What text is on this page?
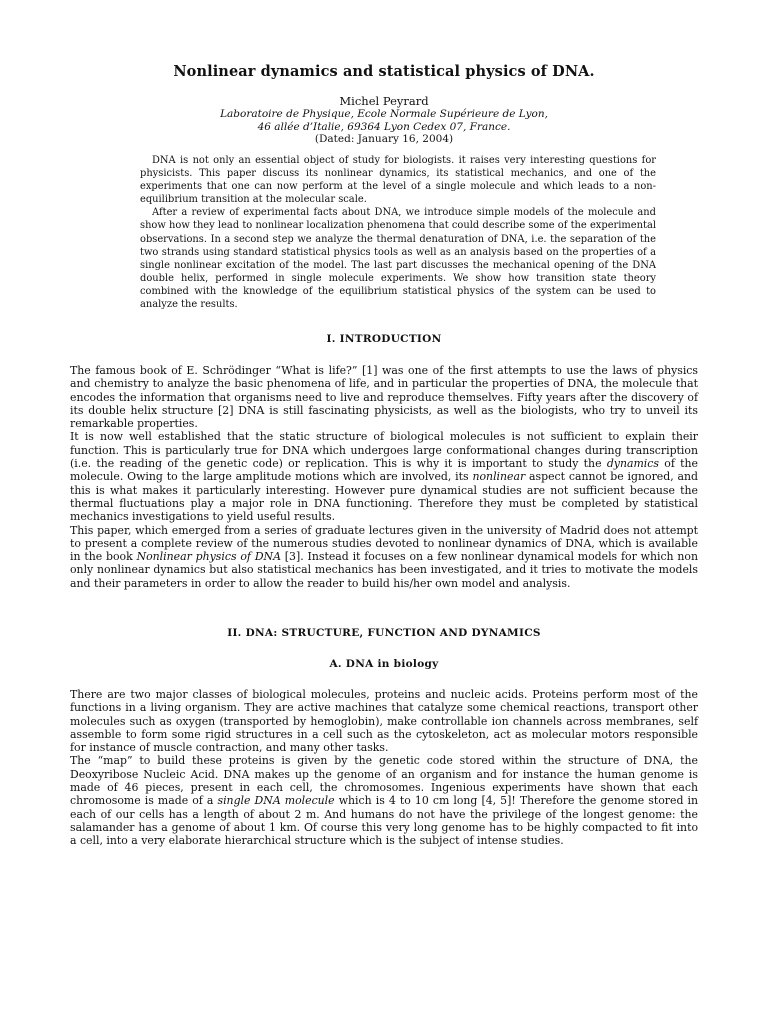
Nonlinear dynamics and statistical physics of DNA.
Michel Peyrard
Laboratoire de Physique, Ecole Normale Supérieure de Lyon,
46 allée d’Italie, 69364 Lyon Cedex 07, France.
(Dated: January 16, 2004)

DNA is not only an essential object of study for biologists. it raises very interesting questions for physicists. This paper discuss its nonlinear dynamics, its statistical mechanics, and one of the experiments that one can now perform at the level of a single molecule and which leads to a non-equilibrium transition at the molecular scale.

After a review of experimental facts about DNA, we introduce simple models of the molecule and show how they lead to nonlinear localization phenomena that could describe some of the experimental observations. In a second step we analyze the thermal denaturation of DNA, i.e. the separation of the two strands using standard statistical physics tools as well as an analysis based on the properties of a single nonlinear excitation of the model. The last part discusses the mechanical opening of the DNA double helix, performed in single molecule experiments. We show how transition state theory combined with the knowledge of the equilibrium statistical physics of the system can be used to analyze the results.

I. INTRODUCTION

The famous book of E. Schrödinger “What is life?” [1] was one of the first attempts to use the laws of physics and chemistry to analyze the basic phenomena of life, and in particular the properties of DNA, the molecule that encodes the information that organisms need to live and reproduce themselves. Fifty years after the discovery of its double helix structure [2] DNA is still fascinating physicists, as well as the biologists, who try to unveil its remarkable properties.

It is now well established that the static structure of biological molecules is not sufficient to explain their function. This is particularly true for DNA which undergoes large conformational changes during transcription (i.e. the reading of the genetic code) or replication. This is why it is important to study the dynamics of the molecule. Owing to the large amplitude motions which are involved, its nonlinear aspect cannot be ignored, and this is what makes it particularly interesting. However pure dynamical studies are not sufficient because the thermal fluctuations play a major role in DNA functioning. Therefore they must be completed by statistical mechanics investigations to yield useful results.

This paper, which emerged from a series of graduate lectures given in the university of Madrid does not attempt to present a complete review of the numerous studies devoted to nonlinear dynamics of DNA, which is available in the book Nonlinear physics of DNA [3]. Instead it focuses on a few nonlinear dynamical models for which non only nonlinear dynamics but also statistical mechanics has been investigated, and it tries to motivate the models and their parameters in order to allow the reader to build his/her own model and analysis.

II. DNA: STRUCTURE, FUNCTION AND DYNAMICS
A. DNA in biology

There are two major classes of biological molecules, proteins and nucleic acids. Proteins perform most of the functions in a living organism. They are active machines that catalyze some chemical reactions, transport other molecules such as oxygen (transported by hemoglobin), make controllable ion channels across membranes, self assemble to form some rigid structures in a cell such as the cytoskeleton, act as molecular motors responsible for instance of muscle contraction, and many other tasks.

The “map” to build these proteins is given by the genetic code stored within the structure of DNA, the Deoxyribose Nucleic Acid. DNA makes up the genome of an organism and for instance the human genome is made of 46 pieces, present in each cell, the chromosomes. Ingenious experiments have shown that each chromosome is made of a single DNA molecule which is 4 to 10 cm long [4, 5]! Therefore the genome stored in each of our cells has a length of about 2 m. And humans do not have the privilege of the longest genome: the salamander has a genome of about 1 km. Of course this very long genome has to be highly compacted to fit into a cell, into a very elaborate hierarchical structure which is the subject of intense studies.
